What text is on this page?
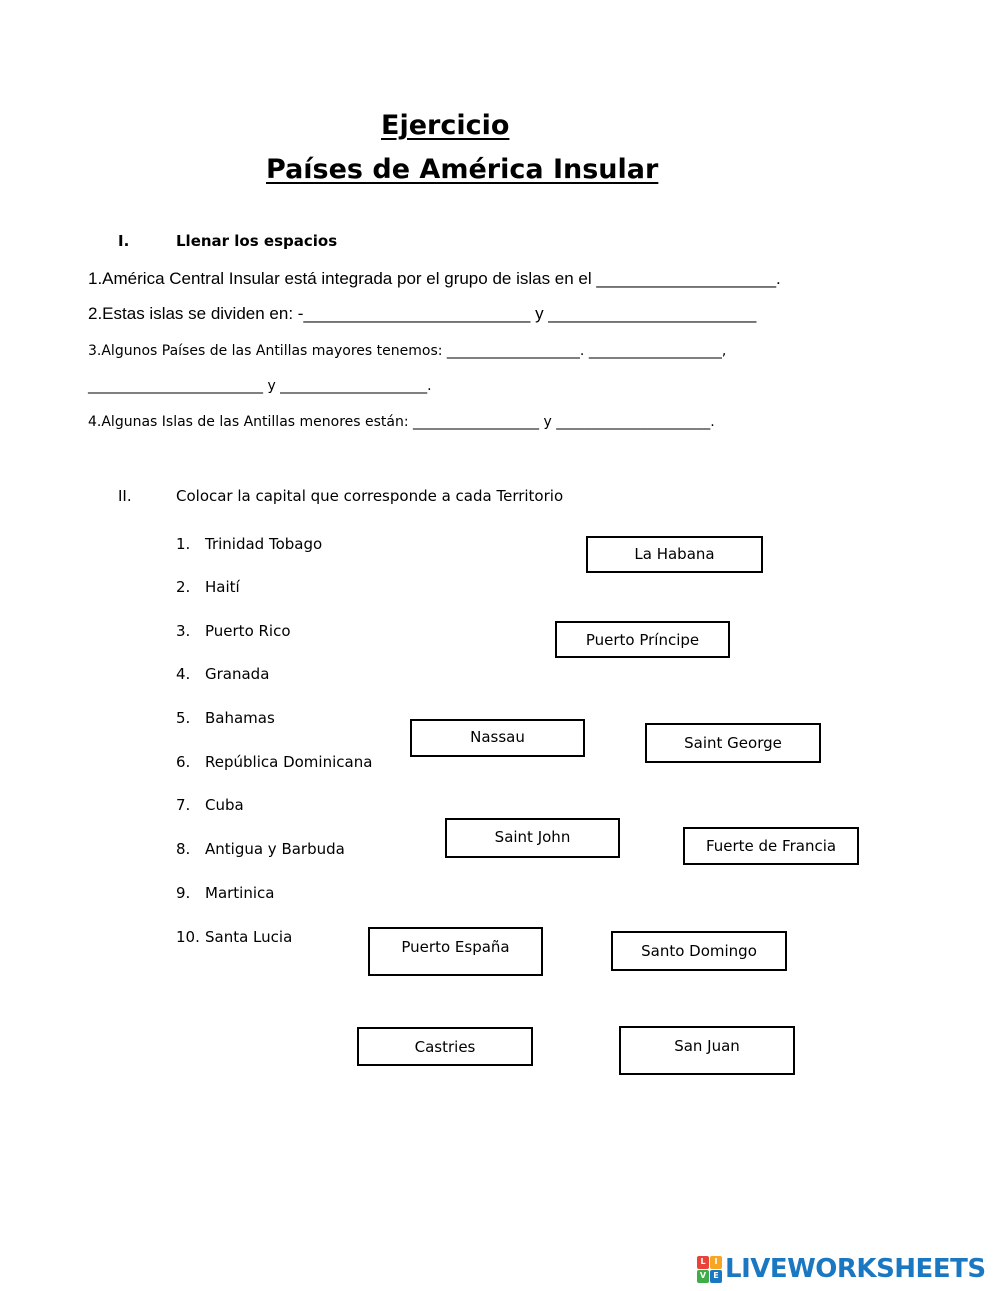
Ejercicio
Países de América Insular
I.	Llenar los espacios
1.América Central Insular está integrada por el grupo de islas en el ___________________.
2.Estas islas se dividen en: -________________________ y ______________________
3.Algunos Países de las Antillas mayores tenemos: ___________________. ___________________,
_________________________ y _____________________.
4.Algunas Islas de las Antillas menores están: __________________ y ______________________.
II.	Colocar la capital que corresponde a cada Territorio
1. Trinidad Tobago
2. Haití
3. Puerto Rico
4. Granada
5. Bahamas
6. República Dominicana
7. Cuba
8. Antigua y Barbuda
9. Martinica
10. Santa Lucia
La Habana
Puerto Príncipe
Nassau	Saint George
Saint John	Fuerte de Francia
Puerto España	Santo Domingo
Castries	San Juan
L	I
V E LIVEWORKSHEETS
